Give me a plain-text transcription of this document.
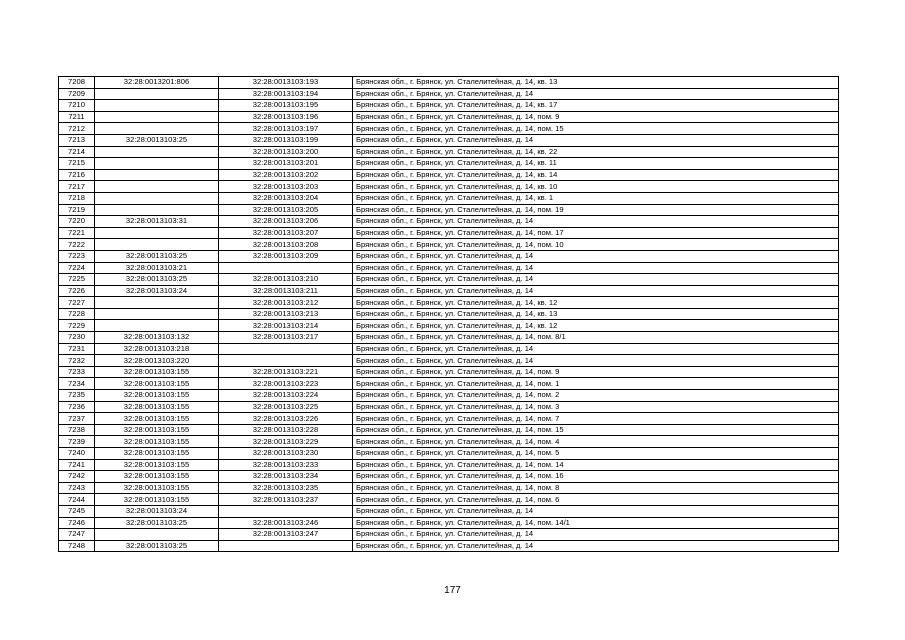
7208	32:28:0013201:806	32:28:0013103:193	Брянская обл., г. Брянск, ул. Сталелитейная, д. 14, кв. 13
7209		32:28:0013103:194	Брянская обл., г. Брянск, ул. Сталелитейная, д. 14
7210		32:28:0013103:195	Брянская обл., г. Брянск, ул. Сталелитейная, д. 14, кв. 17
7211		32:28:0013103:196	Брянская обл., г. Брянск, ул. Сталелитейная, д. 14, пом. 9
7212		32:28:0013103:197	Брянская обл., г. Брянск, ул. Сталелитейная, д. 14, пом. 15
7213	32:28:0013103:25	32:28:0013103:199	Брянская обл., г. Брянск, ул. Сталелитейная, д. 14
7214		32:28:0013103:200	Брянская обл., г. Брянск, ул. Сталелитейная, д. 14, кв. 22
7215		32:28:0013103:201	Брянская обл., г. Брянск, ул. Сталелитейная, д. 14, кв. 11
7216		32:28:0013103:202	Брянская обл., г. Брянск, ул. Сталелитейная, д. 14, кв. 14
7217		32:28:0013103:203	Брянская обл., г. Брянск, ул. Сталелитейная, д. 14, кв. 10
7218		32:28:0013103:204	Брянская обл., г. Брянск, ул. Сталелитейная, д. 14, кв. 1
7219		32:28:0013103:205	Брянская обл., г. Брянск, ул. Сталелитейная, д. 14, пом. 19
7220	32:28:0013103:31	32:28:0013103:206	Брянская обл., г. Брянск, ул. Сталелитейная, д. 14
7221		32:28:0013103:207	Брянская обл., г. Брянск, ул. Сталелитейная, д. 14, пом. 17
7222		32:28:0013103:208	Брянская обл., г. Брянск, ул. Сталелитейная, д. 14, пом. 10
7223	32:28:0013103:25	32:28:0013103:209	Брянская обл., г. Брянск, ул. Сталелитейная, д. 14
7224	32:28:0013103:21		Брянская обл., г. Брянск, ул. Сталелитейная, д. 14
7225	32:28:0013103:25	32:28:0013103:210	Брянская обл., г. Брянск, ул. Сталелитейная, д. 14
7226	32:28:0013103:24	32:28:0013103:211	Брянская обл., г. Брянск, ул. Сталелитейная, д. 14
7227		32:28:0013103:212	Брянская обл., г. Брянск, ул. Сталелитейная, д. 14, кв. 12
7228		32:28:0013103:213	Брянская обл., г. Брянск, ул. Сталелитейная, д. 14, кв. 13
7229		32:28:0013103:214	Брянская обл., г. Брянск, ул. Сталелитейная, д. 14, кв. 12
7230	32:28:0013103:132	32:28:0013103:217	Брянская обл., г. Брянск, ул. Сталелитейная, д. 14, пом. 8/1
7231	32:28:0013103:218		Брянская обл., г. Брянск, ул. Сталелитейная, д. 14
7232	32:28:0013103:220		Брянская обл., г. Брянск, ул. Сталелитейная, д. 14
7233	32:28:0013103:155	32:28:0013103:221	Брянская обл., г. Брянск, ул. Сталелитейная, д. 14, пом. 9
7234	32:28:0013103:155	32:28:0013103:223	Брянская обл., г. Брянск, ул. Сталелитейная, д. 14, пом. 1
7235	32:28:0013103:155	32:28:0013103:224	Брянская обл., г. Брянск, ул. Сталелитейная, д. 14, пом. 2
7236	32:28:0013103:155	32:28:0013103:225	Брянская обл., г. Брянск, ул. Сталелитейная, д. 14, пом. 3
7237	32:28:0013103:155	32:28:0013103:226	Брянская обл., г. Брянск, ул. Сталелитейная, д. 14, пом. 7
7238	32:28:0013103:155	32:28:0013103:228	Брянская обл., г. Брянск, ул. Сталелитейная, д. 14, пом. 15
7239	32:28:0013103:155	32:28:0013103:229	Брянская обл., г. Брянск, ул. Сталелитейная, д. 14, пом. 4
7240	32:28:0013103:155	32:28:0013103:230	Брянская обл., г. Брянск, ул. Сталелитейная, д. 14, пом. 5
7241	32:28:0013103:155	32:28:0013103:233	Брянская обл., г. Брянск, ул. Сталелитейная, д. 14, пом. 14
7242	32:28:0013103:155	32:28:0013103:234	Брянская обл., г. Брянск, ул. Сталелитейная, д. 14, пом. 16
7243	32:28:0013103:155	32:28:0013103:235	Брянская обл., г. Брянск, ул. Сталелитейная, д. 14, пом. 8
7244	32:28:0013103:155	32:28:0013103:237	Брянская обл., г. Брянск, ул. Сталелитейная, д. 14, пом. 6
7245	32:28:0013103:24		Брянская обл., г. Брянск, ул. Сталелитейная, д. 14
7246	32:28:0013103:25	32:28:0013103:246	Брянская обл., г. Брянск, ул. Сталелитейная, д. 14, пом. 14/1
7247		32:28:0013103:247	Брянская обл., г. Брянск, ул. Сталелитейная, д. 14
7248	32:28:0013103:25		Брянская обл., г. Брянск, ул. Сталелитейная, д. 14
177
